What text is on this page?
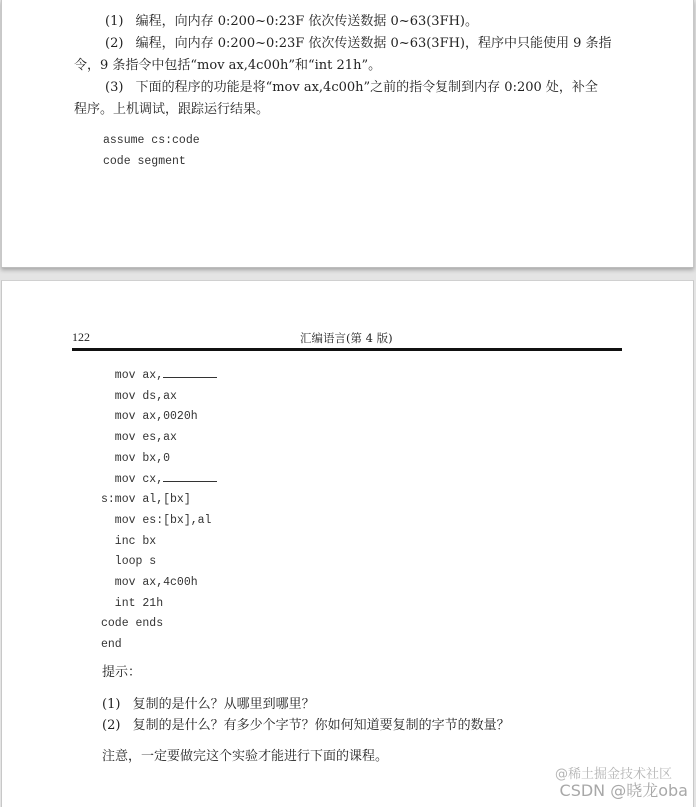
(1) 编程，向内存 0:200~0:23F 依次传送数据 0~63(3FH)。
(2) 编程，向内存 0:200~0:23F 依次传送数据 0~63(3FH)，程序中只能使用 9 条指
令，9 条指令中包括“mov ax,4c00h”和“int 21h”。
(3) 下面的程序的功能是将“mov ax,4c00h”之前的指令复制到内存 0:200 处，补全
程序。上机调试，跟踪运行结果。
assume cs:code
code segment
122	汇编语言(第 4 版)
mov ax,
mov ds,ax
mov ax,0020h
mov es,ax
mov bx,0
mov cx,
s:mov al,[bx]
mov es:[bx],al
inc bx
loop s
mov ax,4c00h
int 21h
code ends
end
提示：
(1) 复制的是什么？从哪里到哪里？
(2) 复制的是什么？有多少个字节？你如何知道要复制的字节的数量？
注意，一定要做完这个实验才能进行下面的课程。
@稀土掘金技术社区
CSDN @晓龙oba
